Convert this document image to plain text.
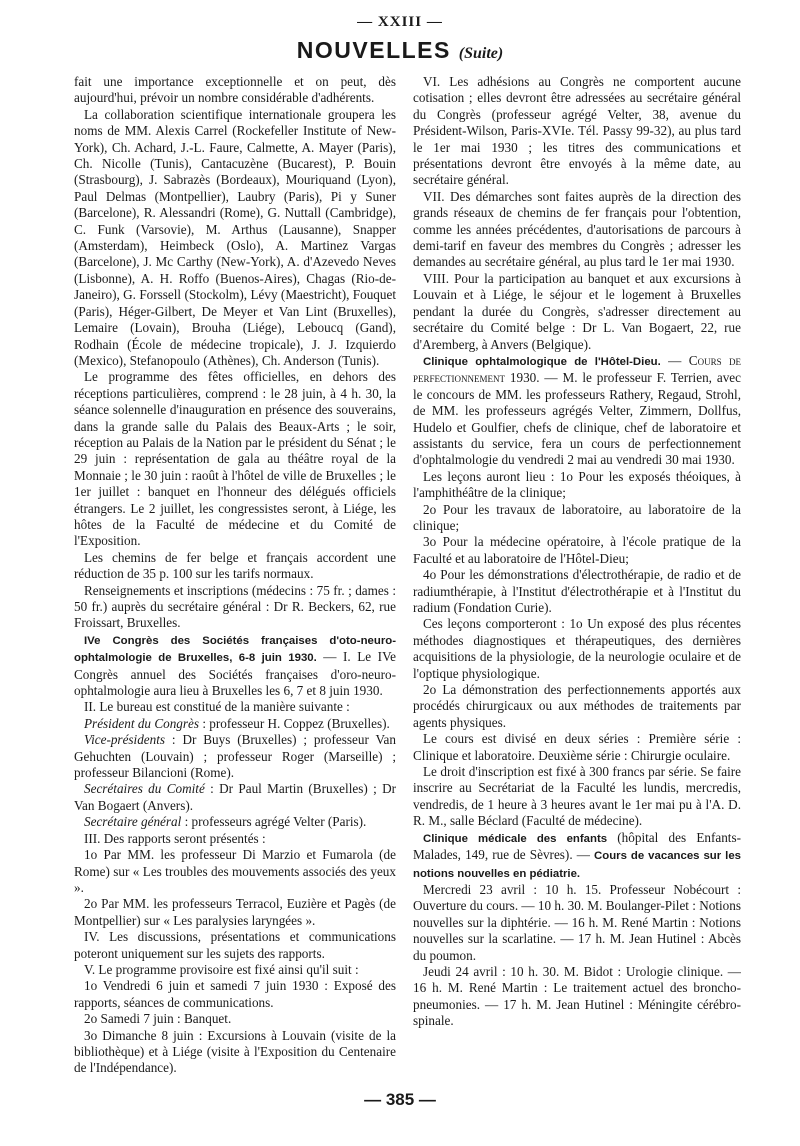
— XXIII —
NOUVELLES (Suite)

fait une importance exceptionnelle et on peut, dès aujourd'hui, prévoir un nombre considérable d'adhérents.

La collaboration scientifique internationale groupera les noms de MM. Alexis Carrel (Rockefeller Institute of New-York), Ch. Achard, J.-L. Faure, Calmette, A. Mayer (Paris), Ch. Nicolle (Tunis), Cantacuzène (Bucarest), P. Bouin (Strasbourg), J. Sabrazès (Bordeaux), Mouriquand (Lyon), Paul Delmas (Montpellier), Laubry (Paris), Pi y Suner (Barcelone), R. Alessandri (Rome), G. Nuttall (Cambridge), C. Funk (Varsovie), M. Arthus (Lausanne), Snapper (Amsterdam), Heimbeck (Oslo), A. Martinez Vargas (Barcelone), J. Mc Carthy (New-York), A. d'Azevedo Neves (Lisbonne), A. H. Roffo (Buenos-Aires), Chagas (Rio-de-Janeiro), G. Forssell (Stockolm), Lévy (Maestricht), Fouquet (Paris), Héger-Gilbert, De Meyer et Van Lint (Bruxelles), Lemaire (Lovain), Brouha (Liége), Leboucq (Gand), Rodhain (École de médecine tropicale), J. J. Izquierdo (Mexico), Stefanopoulo (Athènes), Ch. Anderson (Tunis).

Le programme des fêtes officielles, en dehors des réceptions particulières, comprend : le 28 juin, à 4 h. 30, la séance solennelle d'inauguration en présence des souverains, dans la grande salle du Palais des Beaux-Arts ; le soir, réception au Palais de la Nation par le président du Sénat ; le 29 juin : représentation de gala au théâtre royal de la Monnaie ; le 30 juin : raoût à l'hôtel de ville de Bruxelles ; le 1er juillet : banquet en l'honneur des délégués officiels étrangers. Le 2 juillet, les congressistes seront, à Liége, les hôtes de la Faculté de médecine et du Comité de l'Exposition.

Les chemins de fer belge et français accordent une réduction de 35 p. 100 sur les tarifs normaux.

Renseignements et inscriptions (médecins : 75 fr. ; dames : 50 fr.) auprès du secrétaire général : Dr R. Beckers, 62, rue Froissart, Bruxelles.

IVe Congrès des Sociétés françaises d'oto-neuro-ophtalmologie de Bruxelles, 6-8 juin 1930. — I. Le IVe Congrès annuel des Sociétés françaises d'oro-neuro-ophtalmologie aura lieu à Bruxelles les 6, 7 et 8 juin 1930.

II. Le bureau est constitué de la manière suivante :

Président du Congrès : professeur H. Coppez (Bruxelles).

Vice-présidents : Dr Buys (Bruxelles) ; professeur Van Gehuchten (Louvain) ; professeur Roger (Marseille) ; professeur Bilancioni (Rome).

Secrétaires du Comité : Dr Paul Martin (Bruxelles) ; Dr Van Bogaert (Anvers).

Secrétaire général : professeurs agrégé Velter (Paris).

III. Des rapports seront présentés :

1o Par MM. les professeur Di Marzio et Fumarola (de Rome) sur « Les troubles des mouvements associés des yeux ».

2o Par MM. les professeurs Terracol, Euzière et Pagès (de Montpellier) sur « Les paralysies laryngées ».

IV. Les discussions, présentations et communications poteront uniquement sur les sujets des rapports.

V. Le programme provisoire est fixé ainsi qu'il suit :

1o Vendredi 6 juin et samedi 7 juin 1930 : Exposé des rapports, séances de communications.

2o Samedi 7 juin : Banquet.

3o Dimanche 8 juin : Excursions à Louvain (visite de la bibliothèque) et à Liége (visite à l'Exposition du Centenaire de l'Indépendance).

VI. Les adhésions au Congrès ne comportent aucune cotisation ; elles devront être adressées au secrétaire général du Congrès (professeur agrégé Velter, 38, avenue du Président-Wilson, Paris-XVIe. Tél. Passy 99-32), au plus tard le 1er mai 1930 ; les titres des communications et présentations devront être envoyés à la même date, au secrétaire général.

VII. Des démarches sont faites auprès de la direction des grands réseaux de chemins de fer français pour l'obtention, comme les années précédentes, d'autorisations de parcours à demi-tarif en faveur des membres du Congrès ; adresser les demandes au secrétaire général, au plus tard le 1er mai 1930.

VIII. Pour la participation au banquet et aux excursions à Louvain et à Liége, le séjour et le logement à Bruxelles pendant la durée du Congrès, s'adresser directement au secrétaire du Comité belge : Dr L. Van Bogaert, 22, rue d'Aremberg, à Anvers (Belgique).

Clinique ophtalmologique de l'Hôtel-Dieu. — Cours de perfectionnement 1930. — M. le professeur F. Terrien, avec le concours de MM. les professeurs Rathery, Regaud, Strohl, de MM. les professeurs agrégés Velter, Zimmern, Dollfus, Hudelo et Goulfier, chefs de clinique, chef de laboratoire et assistants du service, fera un cours de perfectionnement d'ophtalmologie du vendredi 2 mai au vendredi 30 mai 1930.

Les leçons auront lieu : 1o Pour les exposés théoiques, à l'amphithéâtre de la clinique;

2o Pour les travaux de laboratoire, au laboratoire de la clinique;

3o Pour la médecine opératoire, à l'école pratique de la Faculté et au laboratoire de l'Hôtel-Dieu;

4o Pour les démonstrations d'électrothérapie, de radio et de radiumthérapie, à l'Institut d'électrothérapie et à l'Institut du radium (Fondation Curie).

Ces leçons comporteront : 1o Un exposé des plus récentes méthodes diagnostiques et thérapeutiques, des dernières acquisitions de la physiologie, de la neurologie oculaire et de l'optique physiologique.

2o La démonstration des perfectionnements apportés aux procédés chirurgicaux ou aux méthodes de traitements par agents physiques.

Le cours est divisé en deux séries : Première série : Clinique et laboratoire. Deuxième série : Chirurgie oculaire.

Le droit d'inscription est fixé à 300 francs par série. Se faire inscrire au Secrétariat de la Faculté les lundis, mercredis, vendredis, de 1 heure à 3 heures avant le 1er mai pu à l'A. D. R. M., salle Béclard (Faculté de médecine).

Clinique médicale des enfants (hôpital des Enfants-Malades, 149, rue de Sèvres). — Cours de vacances sur les notions nouvelles en pédiatrie.

Mercredi 23 avril : 10 h. 15. Professeur Nobécourt : Ouverture du cours. — 10 h. 30. M. Boulanger-Pilet : Notions nouvelles sur la diphtérie. — 16 h. M. René Martin : Notions nouvelles sur la scarlatine. — 17 h. M. Jean Hutinel : Abcès du poumon.

Jeudi 24 avril : 10 h. 30. M. Bidot : Urologie clinique. — 16 h. M. René Martin : Le traitement actuel des broncho-pneumonies. — 17 h. M. Jean Hutinel : Méningite cérébro-spinale.

— 385 —
